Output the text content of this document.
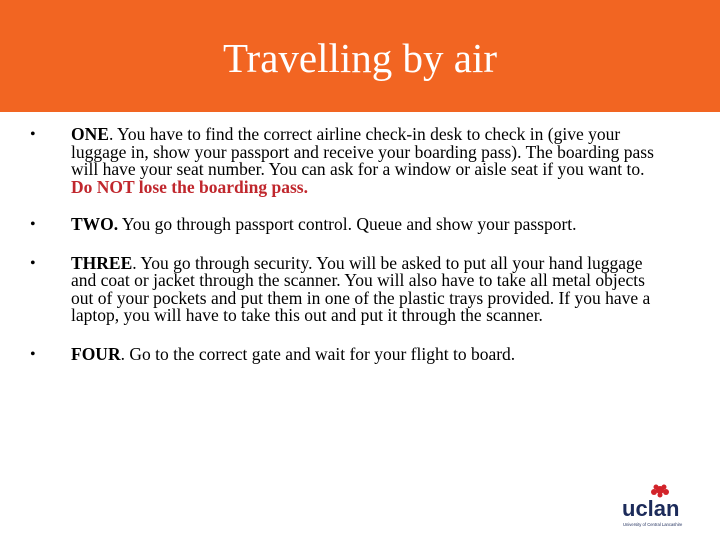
Travelling by air
• ONE. You have to find the correct airline check-in desk to check in (give your luggage in, show your passport and receive your boarding pass). The boarding pass will have your seat number. You can ask for a window or aisle seat if you want to. Do NOT lose the boarding pass.
• TWO. You go through passport control. Queue and show your passport.
• THREE. You go through security. You will be asked to put all your hand luggage and coat or jacket through the scanner. You will also have to take all metal objects out of your pockets and put them in one of the plastic trays provided. If you have a laptop, you will have to take this out and put it through the scanner.
• FOUR. Go to the correct gate and wait for your flight to board.
uclan
University of Central Lancashire
